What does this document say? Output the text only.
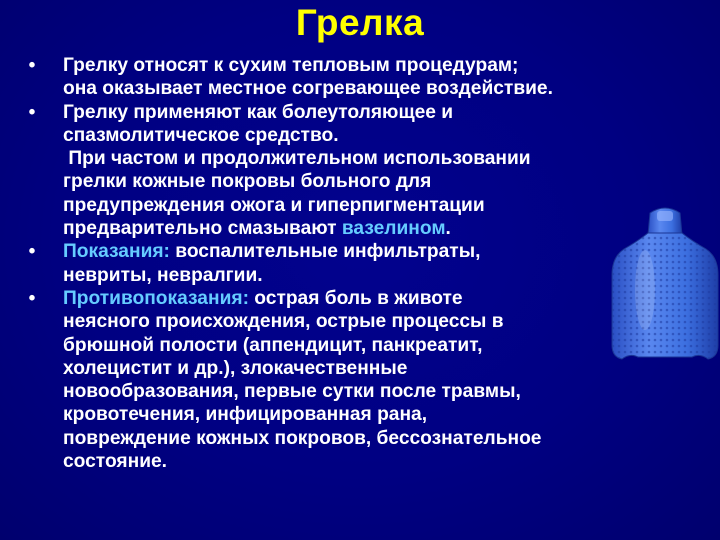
Грелка
•	Грелку относят к сухим тепловым процедурам;
она оказывает местное согревающее воздействие.
•	Грелку применяют как болеутоляющее и
спазмолитическое средство.
При частом и продолжительном использовании
грелки кожные покровы больного для
предупреждения ожога и гиперпигментации
предварительно смазывают вазелином.
•	Показания: воспалительные инфильтраты,
невриты, невралгии.
•	Противопоказания: острая боль в животе
неясного происхождения, острые процессы в
брюшной полости (аппендицит, панкреатит,
холецистит и др.), злокачественные
новообразования, первые сутки после травмы,
кровотечения, инфицированная рана,
повреждение кожных покровов, бессознательное
состояние.
